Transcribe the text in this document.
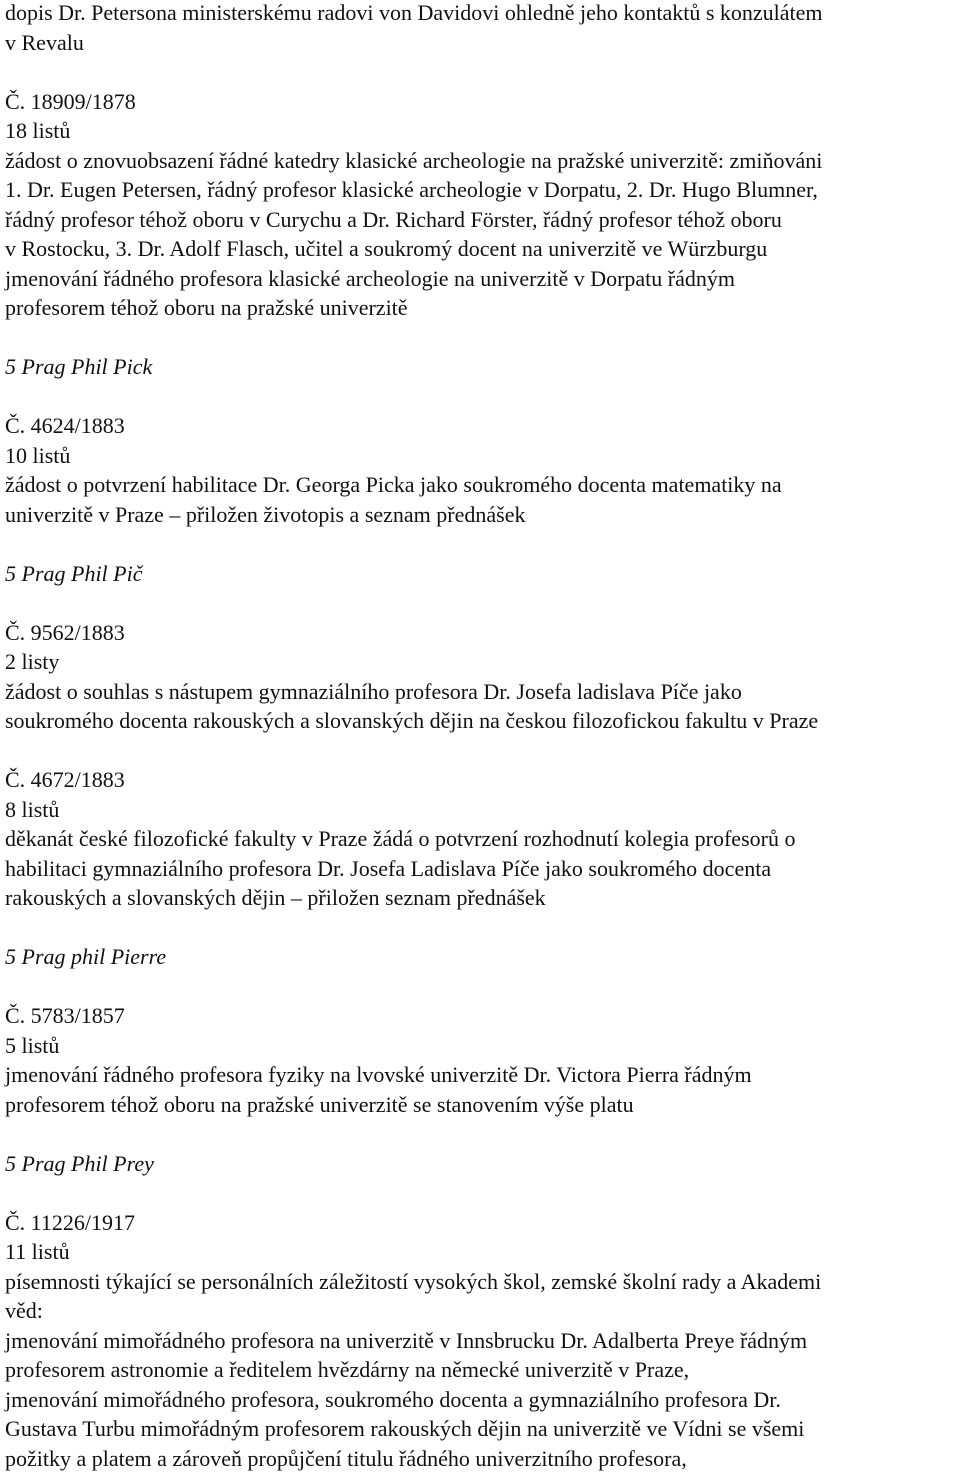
dopis Dr. Petersona ministerskému radovi von Davidovi ohledně jeho kontaktů s konzulátem
v Revalu
Č. 18909/1878
18 listů
žádost o znovuobsazení řádné katedry klasické archeologie na pražské univerzitě: zmiňováni
1. Dr. Eugen Petersen, řádný profesor klasické archeologie v Dorpatu, 2. Dr. Hugo Blumner,
řádný profesor téhož oboru v Curychu a Dr. Richard Förster, řádný profesor téhož oboru
v Rostocku, 3. Dr. Adolf Flasch, učitel a soukromý docent na univerzitě ve Würzburgu
jmenování řádného profesora klasické archeologie na univerzitě v Dorpatu řádným
profesorem téhož oboru na pražské univerzitě
5 Prag Phil Pick
Č. 4624/1883
10 listů
žádost o potvrzení habilitace Dr. Georga Picka jako soukromého docenta matematiky na
univerzitě v Praze – přiložen životopis a seznam přednášek
5 Prag Phil Pič
Č. 9562/1883
2 listy
žádost o souhlas s nástupem gymnaziálního profesora Dr. Josefa ladislava Píče jako
soukromého docenta rakouských a slovanských dějin na českou filozofickou fakultu v Praze
Č. 4672/1883
8 listů
děkanát české filozofické fakulty v Praze žádá o potvrzení rozhodnutí kolegia profesorů o
habilitaci gymnaziálního profesora Dr. Josefa Ladislava Píče jako soukromého docenta
rakouských a slovanských dějin – přiložen seznam přednášek
5 Prag phil Pierre
Č. 5783/1857
5 listů
jmenování řádného profesora fyziky na lvovské univerzitě Dr. Victora Pierra řádným
profesorem téhož oboru na pražské univerzitě se stanovením výše platu
5 Prag Phil Prey
Č. 11226/1917
11 listů
písemnosti týkající se personálních záležitostí vysokých škol, zemské školní rady a Akademi
věd:
jmenování mimořádného profesora na univerzitě v Innsbrucku Dr. Adalberta Preye řádným
profesorem astronomie a ředitelem hvězdárny na německé univerzitě v Praze,
jmenování mimořádného profesora, soukromého docenta a gymnaziálního profesora Dr.
Gustava Turbu mimořádným profesorem rakouských dějin na univerzitě ve Vídni se všemi
požitky a platem a zároveň propůjčení titulu řádného univerzitního profesora,
